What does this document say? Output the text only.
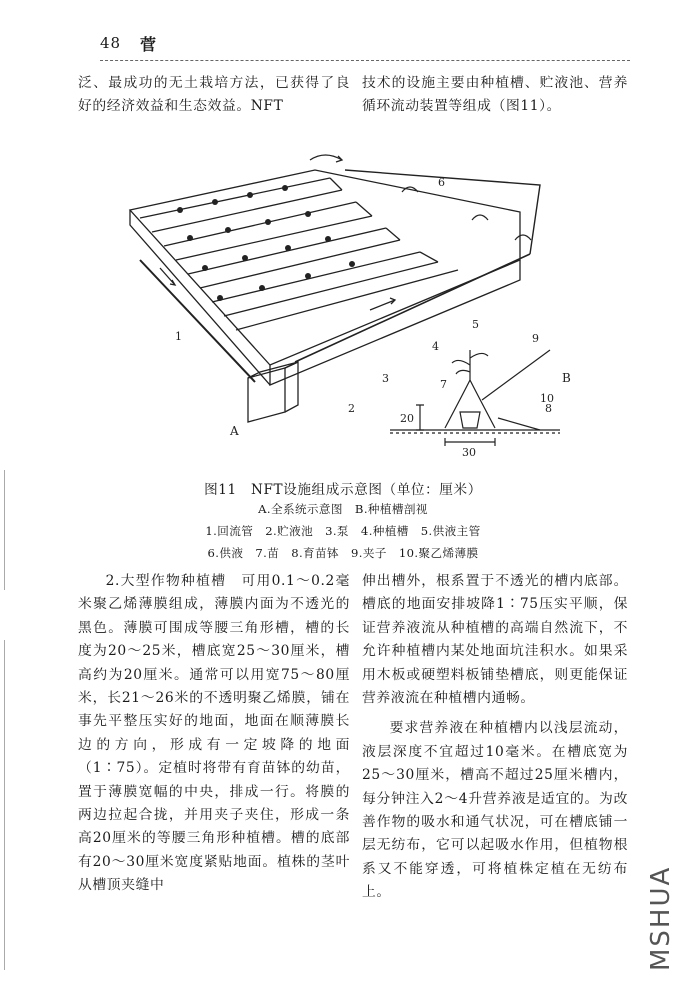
48 菅

泛、最成功的无土栽培方法，已获得了良好的经济效益和生态效益。NFT

技术的设施主要由种植槽、贮液池、营养循环流动装置等组成（图11）。

A
B
1
2
3
4
5
6
7
8
9
10
20
30
图11　NFT设施组成示意图（单位：厘米）
A.全系统示意图　B.种植槽剖视
1.回流管　2.贮液池　3.泵　4.种植槽　5.供液主管
6.供液　7.苗　8.育苗钵　9.夹子　10.聚乙烯薄膜

2.大型作物种植槽　 可用0.1～0.2毫米聚乙烯薄膜组成，薄膜内面为不透光的黑色。薄膜可围成等腰三角形槽，槽的长度为20～25米，槽底宽25～30厘米，槽高约为20厘米。通常可以用宽75～80厘米，长21～26米的不透明聚乙烯膜，铺在事先平整压实好的地面，地面在顺薄膜长边的方向，形成有一定坡降的地面（1∶75）。定植时将带有育苗钵的幼苗，置于薄膜宽幅的中央，排成一行。将膜的两边拉起合拢，并用夹子夹住，形成一条高20厘米的等腰三角形种植槽。槽的底部有20～30厘米宽度紧贴地面。植株的茎叶从槽顶夹缝中

伸出槽外，根系置于不透光的槽内底部。槽底的地面安排坡降1∶75压实平顺，保证营养液流从种植槽的高端自然流下，不允许种植槽内某处地面坑洼积水。如果采用木板或硬塑料板铺垫槽底，则更能保证营养液流在种植槽内通畅。

要求营养液在种植槽内以浅层流动，液层深度不宜超过10毫米。在槽底宽为25～30厘米，槽高不超过25厘米槽内，每分钟注入2～4升营养液是适宜的。为改善作物的吸水和通气状况，可在槽底铺一层无纺布，它可以起吸水作用，但植物根系又不能穿透，可将植株定植在无纺布上。	MSHUA
